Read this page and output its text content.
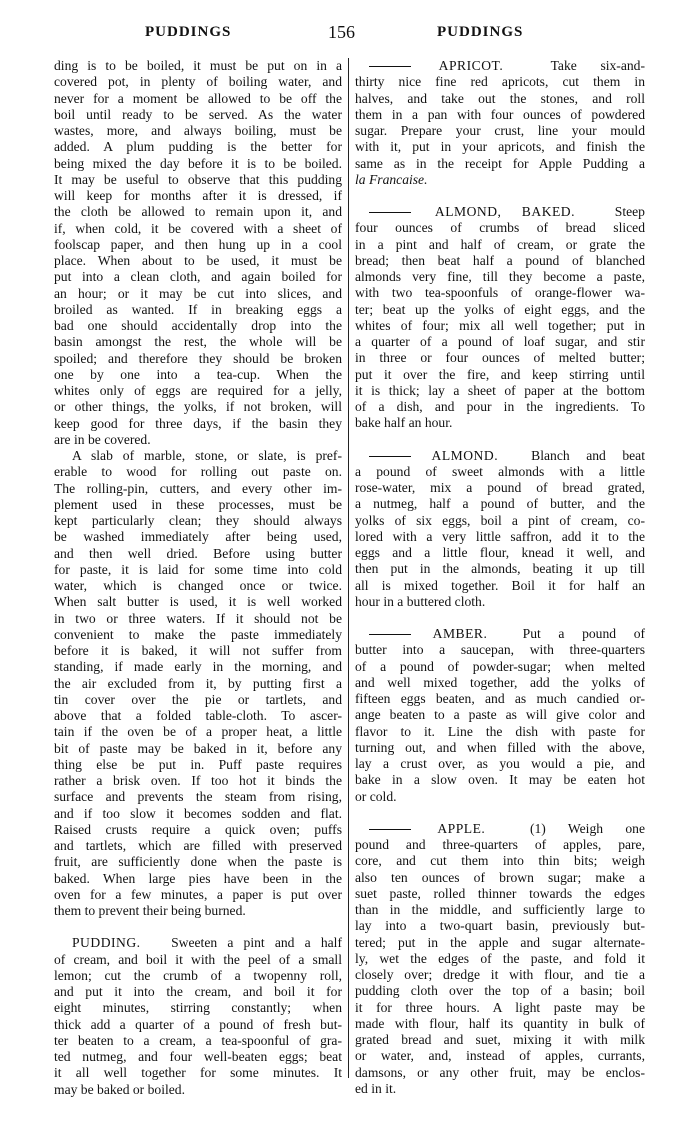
PUDDINGS	156	PUDDINGS
ding is to be boiled, it must be put on in a
covered pot, in plenty of boiling water, and
never for a moment be allowed to be off the
boil until ready to be served. As the water
wastes, more, and always boiling, must be
added. A plum pudding is the better for
being mixed the day before it is to be boiled.
It may be useful to observe that this pudding
will keep for months after it is dressed, if
the cloth be allowed to remain upon it, and
if, when cold, it be covered with a sheet of
foolscap paper, and then hung up in a cool
place. When about to be used, it must be
put into a clean cloth, and again boiled for
an hour; or it may be cut into slices, and
broiled as wanted. If in breaking eggs a
bad one should accidentally drop into the
basin amongst the rest, the whole will be
spoiled; and therefore they should be broken
one by one into a tea-cup. When the
whites only of eggs are required for a jelly,
or other things, the yolks, if not broken, will
keep good for three days, if the basin they
are in be covered.
A slab of marble, stone, or slate, is pref-
erable to wood for rolling out paste on.
The rolling-pin, cutters, and every other im-
plement used in these processes, must be
kept particularly clean; they should always
be washed immediately after being used,
and then well dried. Before using butter
for paste, it is laid for some time into cold
water, which is changed once or twice.
When salt butter is used, it is well worked
in two or three waters. If it should not be
convenient to make the paste immediately
before it is baked, it will not suffer from
standing, if made early in the morning, and
the air excluded from it, by putting first a
tin cover over the pie or tartlets, and
above that a folded table-cloth. To ascer-
tain if the oven be of a proper heat, a little
bit of paste may be baked in it, before any
thing else be put in. Puff paste requires
rather a brisk oven. If too hot it binds the
surface and prevents the steam from rising,
and if too slow it becomes sodden and flat.
Raised crusts require a quick oven; puffs
and tartlets, which are filled with preserved
fruit, are sufficiently done when the paste is
baked. When large pies have been in the
oven for a few minutes, a paper is put over
them to prevent their being burned.
PUDDING. Sweeten a pint and a half
of cream, and boil it with the peel of a small
lemon; cut the crumb of a twopenny roll,
and put it into the cream, and boil it for
eight minutes, stirring constantly; when
thick add a quarter of a pound of fresh but-
ter beaten to a cream, a tea-spoonful of gra-
ted nutmeg, and four well-beaten eggs; beat
it all well together for some minutes. It
may be baked or boiled.
APRICOT.	Take six-and-
thirty nice fine red apricots, cut them in
halves, and take out the stones, and roll
them in a pan with four ounces of powdered
sugar. Prepare your crust, line your mould
with it, put in your apricots, and finish the
same as in the receipt for Apple Pudding a
la Francaise.
ALMOND, BAKED.	Steep
four ounces of crumbs of bread sliced
in a pint and half of cream, or grate the
bread; then beat half a pound of blanched
almonds very fine, till they become a paste,
with two tea-spoonfuls of orange-flower wa-
ter; beat up the yolks of eight eggs, and the
whites of four; mix all well together; put in
a quarter of a pound of loaf sugar, and stir
in three or four ounces of melted butter;
put it over the fire, and keep stirring until
it is thick; lay a sheet of paper at the bottom
of a dish, and pour in the ingredients. To
bake half an hour.
ALMOND. Blanch and beat
a pound of sweet almonds with a little
rose-water, mix a pound of bread grated,
a nutmeg, half a pound of butter, and the
yolks of six eggs, boil a pint of cream, co-
lored with a very little saffron, add it to the
eggs and a little flour, knead it well, and
then put in the almonds, beating it up till
all is mixed together. Boil it for half an
hour in a buttered cloth.
AMBER.	Put a pound of
butter into a saucepan, with three-quarters
of a pound of powder-sugar; when melted
and well mixed together, add the yolks of
fifteen eggs beaten, and as much candied or-
ange beaten to a paste as will give color and
flavor to it. Line the dish with paste for
turning out, and when filled with the above,
lay a crust over, as you would a pie, and
bake in a slow oven. It may be eaten hot
or cold.
APPLE.	(1) Weigh one
pound and three-quarters of apples, pare,
core, and cut them into thin bits; weigh
also ten ounces of brown sugar; make a
suet paste, rolled thinner towards the edges
than in the middle, and sufficiently large to
lay into a two-quart basin, previously but-
tered; put in the apple and sugar alternate-
ly, wet the edges of the paste, and fold it
closely over; dredge it with flour, and tie a
pudding cloth over the top of a basin; boil
it for three hours. A light paste may be
made with flour, half its quantity in bulk of
grated bread and suet, mixing it with milk
or water, and, instead of apples, currants,
damsons, or any other fruit, may be enclos-
ed in it.
